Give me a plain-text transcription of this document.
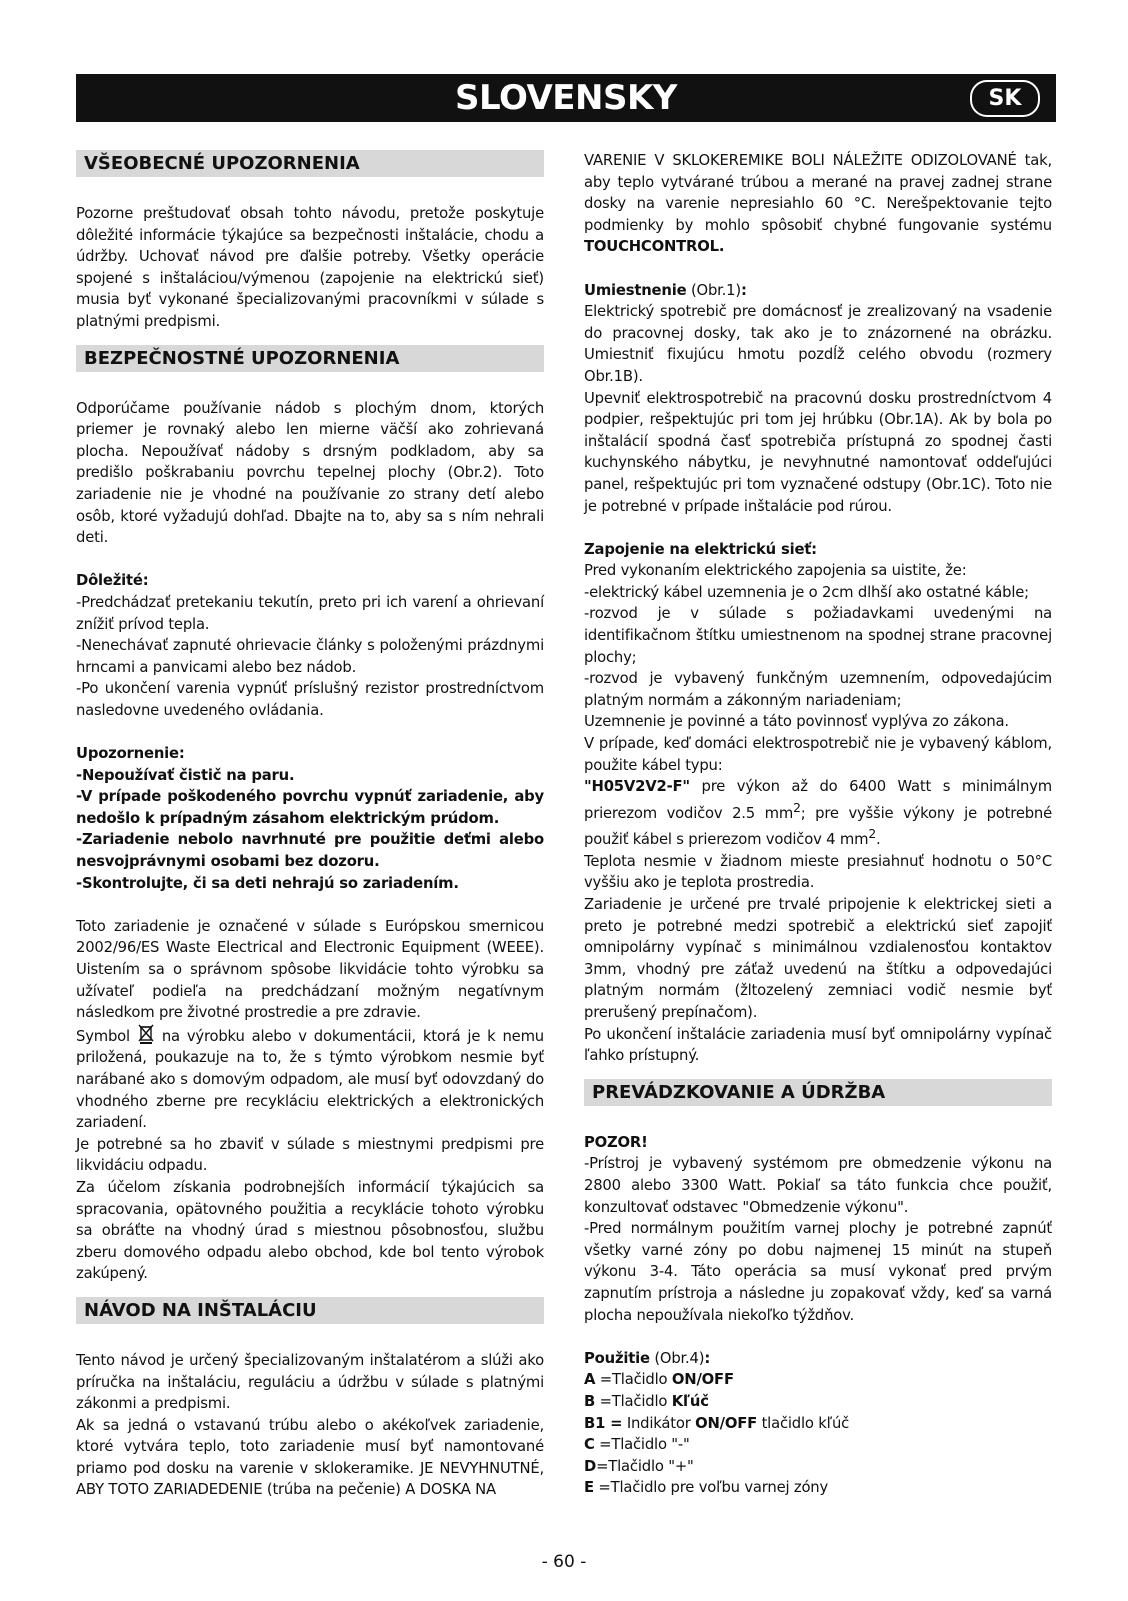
SLOVENSKY	SK
VŠEOBECNÉ UPOZORNENIA

Pozorne preštudovať obsah tohto návodu, pretože poskytuje dôležité informácie týkajúce sa bezpečnosti inštalácie, chodu a údržby. Uchovať návod pre ďalšie potreby. Všetky operácie spojené s inštaláciou/výmenou (zapojenie na elektrickú sieť) musia byť vykonané špecializovanými pracovníkmi v súlade s platnými predpismi.

BEZPEČNOSTNÉ UPOZORNENIA

Odporúčame používanie nádob s plochým dnom, ktorých priemer je rovnaký alebo len mierne väčší ako zohrievaná plocha. Nepoužívať nádoby s drsným podkladom, aby sa predišlo poškrabaniu povrchu tepelnej plochy (Obr.2). Toto zariadenie nie je vhodné na používanie zo strany detí alebo osôb, ktoré vyžadujú dohľad. Dbajte na to, aby sa s ním nehrali deti.

Dôležité:

-Predchádzať pretekaniu tekutín, preto pri ich varení a ohrievaní znížiť prívod tepla.

-Nenechávať zapnuté ohrievacie články s položenými prázdnymi hrncami a panvicami alebo bez nádob.

-Po ukončení varenia vypnúť príslušný rezistor prostredníctvom nasledovne uvedeného ovládania.

Upozornenie:

-Nepoužívať čistič na paru.

-V prípade poškodeného povrchu vypnúť zariadenie, aby nedošlo k prípadným zásahom elektrickým prúdom.

-Zariadenie nebolo navrhnuté pre použitie deťmi alebo nesvojprávnymi osobami bez dozoru.

-Skontrolujte, či sa deti nehrajú so zariadením.

Toto zariadenie je označené v súlade s Európskou smernicou 2002/96/ES Waste Electrical and Electronic Equipment (WEEE). Uistením sa o správnom spôsobe likvidácie tohto výrobku sa užívateľ podieľa na predchádzaní možným negatívnym následkom pre životné prostredie a pre zdravie.

Symbol na výrobku alebo v dokumentácii, ktorá je k nemu priložená, poukazuje na to, že s týmto výrobkom nesmie byť narábané ako s domovým odpadom, ale musí byť odovzdaný do vhodného zberne pre recykláciu elektrických a elektronických zariadení.

Je potrebné sa ho zbaviť v súlade s miestnymi predpismi pre likvidáciu odpadu.

Za účelom získania podrobnejších informácií týkajúcich sa spracovania, opätovného použitia a recyklácie tohoto výrobku sa obráťte na vhodný úrad s miestnou pôsobnosťou, službu zberu domového odpadu alebo obchod, kde bol tento výrobok zakúpený.

NÁVOD NA INŠTALÁCIU

Tento návod je určený špecializovaným inštalatérom a slúži ako príručka na inštaláciu, reguláciu a údržbu v súlade s platnými zákonmi a predpismi.

Ak sa jedná o vstavanú trúbu alebo o akékoľvek zariadenie, ktoré vytvára teplo, toto zariadenie musí byť namontované priamo pod dosku na varenie v sklokeramike. JE NEVYHNUTNÉ, ABY TOTO ZARIADEDENIE (trúba na pečenie) A DOSKA NA

VARENIE V SKLOKEREMIKE BOLI NÁLEŽITE ODIZOLOVANÉ tak, aby teplo vytvárané trúbou a merané na pravej zadnej strane dosky na varenie nepresiahlo 60 °C. Nerešpektovanie tejto podmienky by mohlo spôsobiť chybné fungovanie systému TOUCHCONTROL.

Umiestnenie (Obr.1):

Elektrický spotrebič pre domácnosť je zrealizovaný na vsadenie do pracovnej dosky, tak ako je to znázornené na obrázku. Umiestniť fixujúcu hmotu pozdĺž celého obvodu (rozmery Obr.1B).

Upevniť elektrospotrebič na pracovnú dosku prostredníctvom 4 podpier, rešpektujúc pri tom jej hrúbku (Obr.1A). Ak by bola po inštalácií spodná časť spotrebiča prístupná zo spodnej časti kuchynského nábytku, je nevyhnutné namontovať oddeľujúci panel, rešpektujúc pri tom vyznačené odstupy (Obr.1C). Toto nie je potrebné v prípade inštalácie pod rúrou.

Zapojenie na elektrickú sieť:

Pred vykonaním elektrického zapojenia sa uistite, že:

-elektrický kábel uzemnenia je o 2cm dlhší ako ostatné káble;

-rozvod je v súlade s požiadavkami uvedenými na identifikačnom štítku umiestnenom na spodnej strane pracovnej plochy;

-rozvod je vybavený funkčným uzemnením, odpovedajúcim platným normám a zákonným nariadeniam;

Uzemnenie je povinné a táto povinnosť vyplýva zo zákona.

V prípade, keď domáci elektrospotrebič nie je vybavený káblom, použite kábel typu:

"H05V2V2-F" pre výkon až do 6400 Watt s minimálnym prierezom vodičov 2.5 $mm^2$; pre vyššie výkony je potrebné použiť kábel s prierezom vodičov 4 $mm^2$.

Teplota nesmie v žiadnom mieste presiahnuť hodnotu o 50°C vyššiu ako je teplota prostredia.

Zariadenie je určené pre trvalé pripojenie k elektrickej sieti a preto je potrebné medzi spotrebič a elektrickú sieť zapojiť omnipolárny vypínač s minimálnou vzdialenosťou kontaktov 3mm, vhodný pre záťaž uvedenú na štítku a odpovedajúci platným normám (žltozelený zemniaci vodič nesmie byť prerušený prepínačom).

Po ukončení inštalácie zariadenia musí byť omnipolárny vypínač ľahko prístupný.

PREVÁDZKOVANIE A ÚDRŽBA

POZOR!

-Prístroj je vybavený systémom pre obmedzenie výkonu na 2800 alebo 3300 Watt. Pokiaľ sa táto funkcia chce použiť, konzultovať odstavec "Obmedzenie výkonu".

-Pred normálnym použitím varnej plochy je potrebné zapnúť všetky varné zóny po dobu najmenej 15 minút na stupeň výkonu 3-4. Táto operácia sa musí vykonať pred prvým zapnutím prístroja a následne ju zopakovať vždy, keď sa varná plocha nepoužívala niekoľko týždňov.

Použitie (Obr.4):

A =Tlačidlo ON/OFF

B =Tlačidlo Kľúč

B1 = Indikátor ON/OFF tlačidlo kľúč

C =Tlačidlo "-"

D=Tlačidlo "+"

E =Tlačidlo pre voľbu varnej zóny

- 60 -
